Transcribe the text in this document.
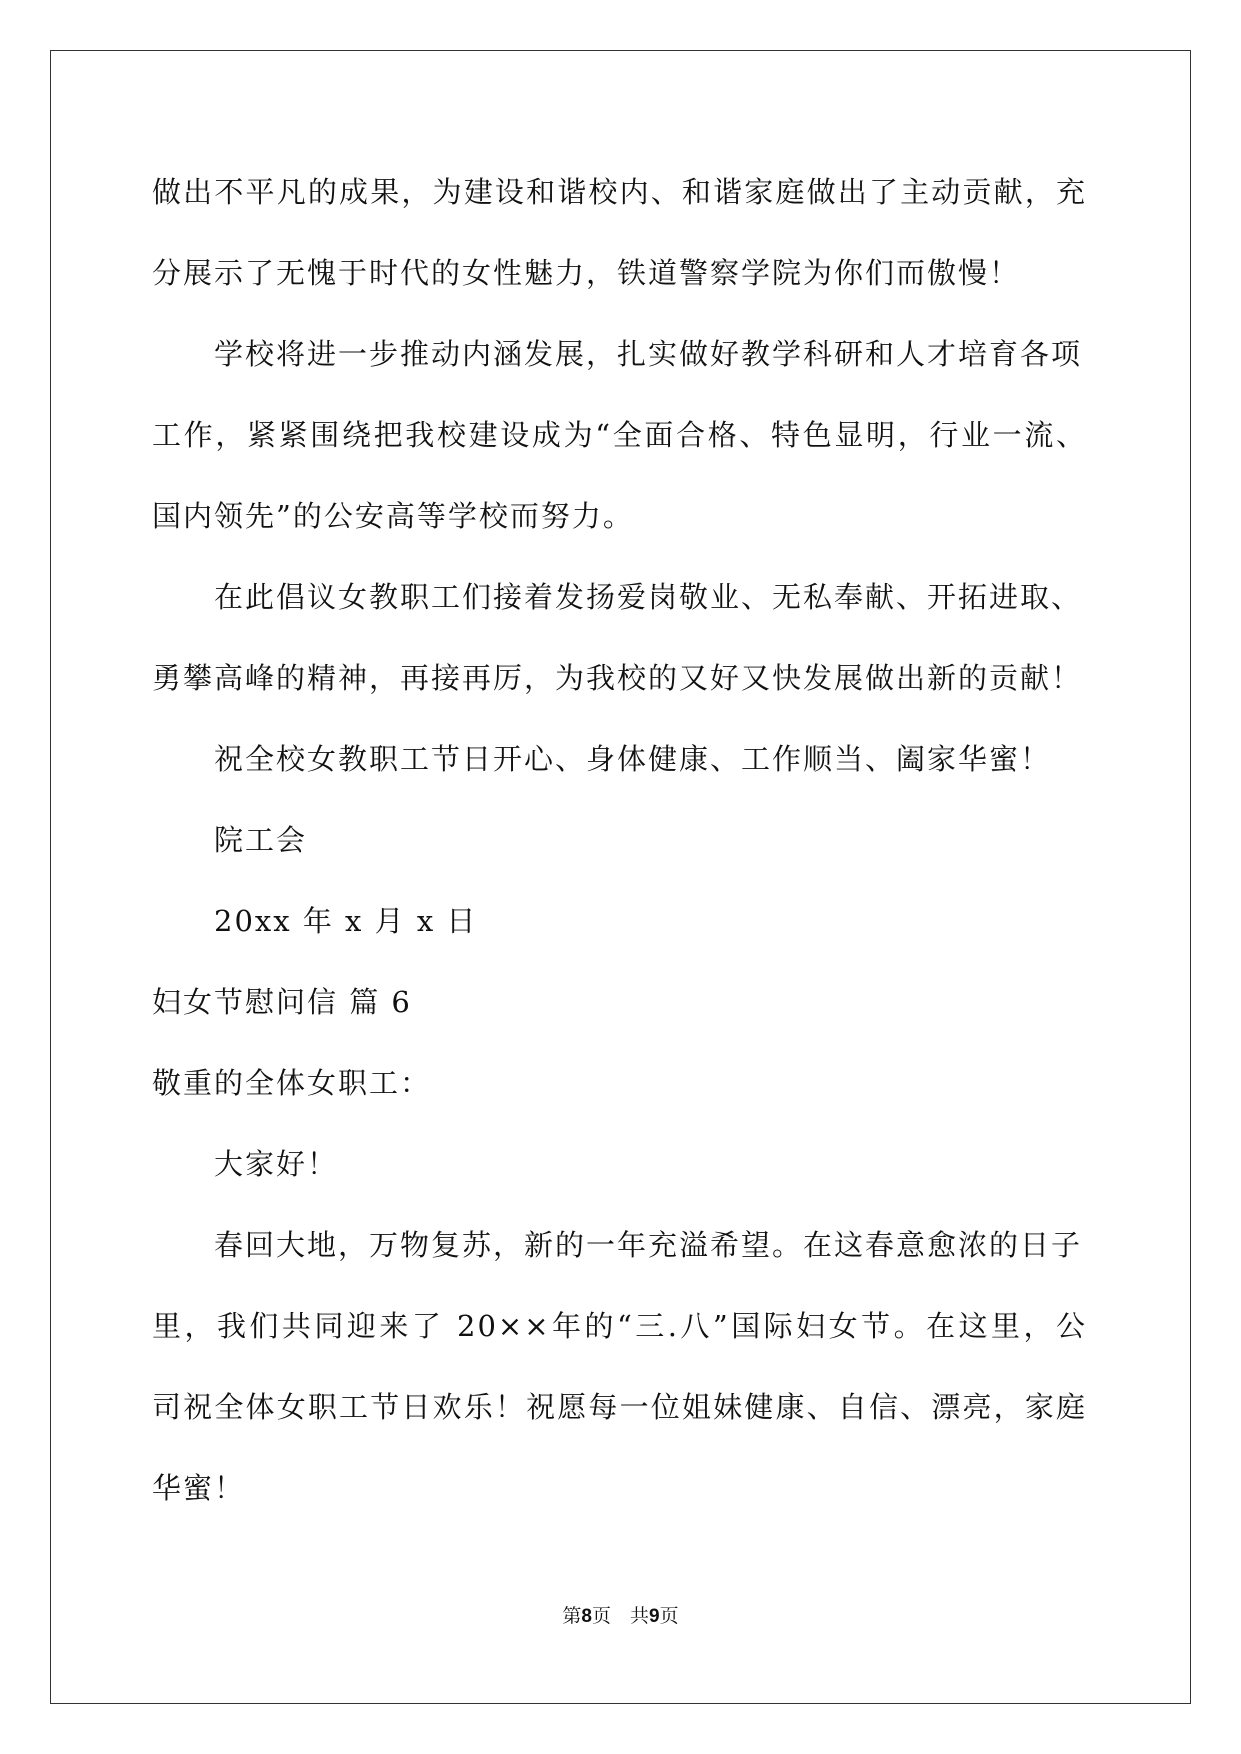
做出不平凡的成果，为建设和谐校内、和谐家庭做出了主动贡献，充
分展示了无愧于时代的女性魅力，铁道警察学院为你们而傲慢！
学校将进一步推动内涵发展，扎实做好教学科研和人才培育各项
工作，紧紧围绕把我校建设成为“全面合格、特色显明，行业一流、
国内领先”的公安高等学校而努力。
在此倡议女教职工们接着发扬爱岗敬业、无私奉献、开拓进取、
勇攀高峰的精神，再接再厉，为我校的又好又快发展做出新的贡献！
祝全校女教职工节日开心、身体健康、工作顺当、阖家华蜜！
院工会
20xx 年 x 月 x 日
妇女节慰问信 篇 6
敬重的全体女职工：
大家好！
春回大地，万物复苏，新的一年充溢希望。在这春意愈浓的日子
里，我们共同迎来了 20××年的“三.八”国际妇女节。在这里，公
司祝全体女职工节日欢乐！祝愿每一位姐妹健康、自信、漂亮，家庭
华蜜！
第8页　共9页
